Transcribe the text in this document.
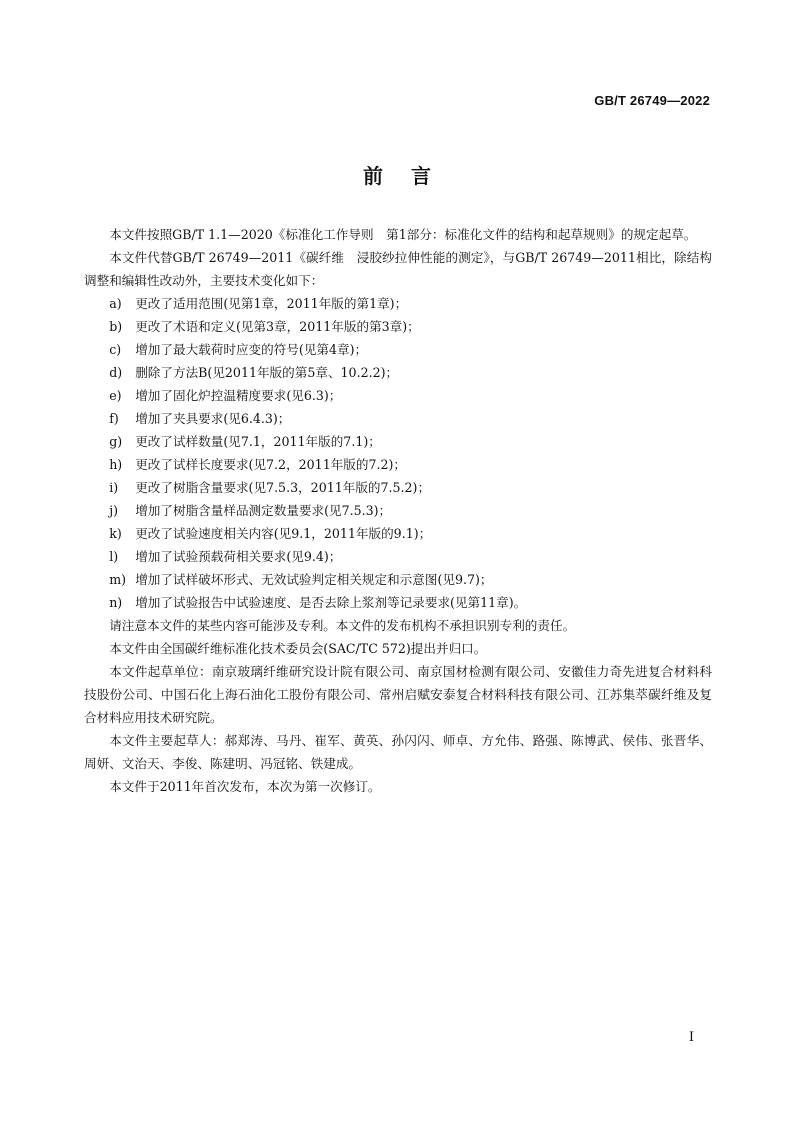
GB/T 26749—2022
前言

本文件按照GB/T 1.1—2020《标准化工作导则　第1部分：标准化文件的结构和起草规则》的规定起草。

本文件代替GB/T 26749—2011《碳纤维　浸胶纱拉伸性能的测定》，与GB/T 26749—2011相比，除结构调整和编辑性改动外，主要技术变化如下：

a)	更改了适用范围(见第1章，2011年版的第1章)；
b)	更改了术语和定义(见第3章，2011年版的第3章)；
c)	增加了最大载荷时应变的符号(见第4章)；
d)	删除了方法B(见2011年版的第5章、10.2.2)；
e)	增加了固化炉控温精度要求(见6.3)；
f)	增加了夹具要求(见6.4.3)；
g)	更改了试样数量(见7.1，2011年版的7.1)；
h)	更改了试样长度要求(见7.2，2011年版的7.2)；
i)	更改了树脂含量要求(见7.5.3，2011年版的7.5.2)；
j)	增加了树脂含量样品测定数量要求(见7.5.3)；
k)	更改了试验速度相关内容(见9.1，2011年版的9.1)；
l)	增加了试验预载荷相关要求(见9.4)；
m) 增加了试样破坏形式、无效试验判定相关规定和示意图(见9.7)；
n)	增加了试验报告中试验速度、是否去除上浆剂等记录要求(见第11章)。

请注意本文件的某些内容可能涉及专利。本文件的发布机构不承担识别专利的责任。

本文件由全国碳纤维标准化技术委员会(SAC/TC 572)提出并归口。

本文件起草单位：南京玻璃纤维研究设计院有限公司、南京国材检测有限公司、安徽佳力奇先进复合材料科技股份公司、中国石化上海石油化工股份有限公司、常州启赋安泰复合材料科技有限公司、江苏集萃碳纤维及复合材料应用技术研究院。

本文件主要起草人：郝郑涛、马丹、崔军、黄英、孙闪闪、师卓、方允伟、路强、陈博武、侯伟、张晋华、周妍、文治天、李俊、陈建明、冯冠铭、铁建成。

本文件于2011年首次发布，本次为第一次修订。

I
